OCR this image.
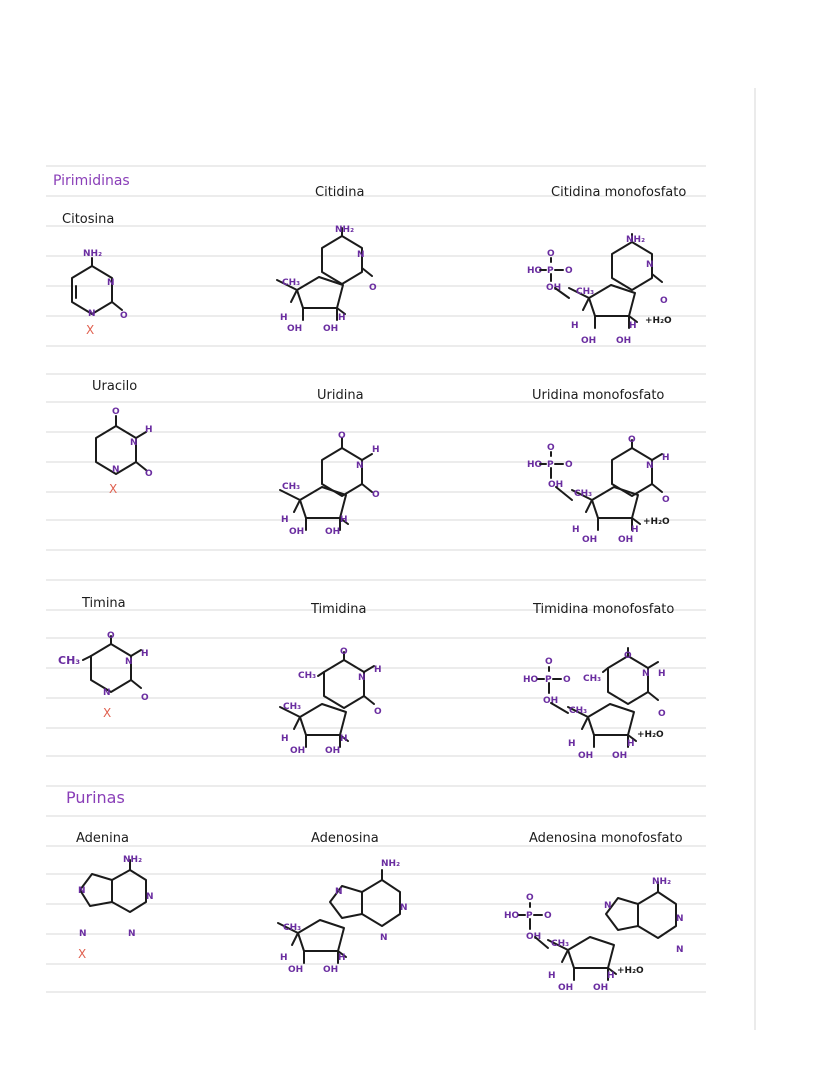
Pirimidinas
Purinas
Citosina
Citidina	Citidina monofosfato
Uracilo
Uridina	Uridina monofosfato
Timina	Timidina	Timidina monofosfato
Adenina	Adenosina	Adenosina monofosfato
NH₂
N
O
N
X
NH₂
N
O
CH₃
OH OH
H	H
HO P O
O
OH
NH₂
N
O
CH₃
OH OH
H	H +H₂O
O
N
H
O
N
X
O
N
H
O
CH₃
OH OH
H	H
HO P O
O
OH
O
N
H
O
CH₃
OH OH
H	H
+H₂O
O
N
H
O
N
CH₃
X
O
N
H
O
CH₃
CH₃
OH OH
H	H
HO P O
O
OH
CH₃
O
N H
O
CH₃
OH OH
H	H
+H₂O
NH₂
N
N
N
N
X
NH₂
N
N
N
CH₃
OH OH
H	H
HO P O
O
OH
NH₂
N
N
N
CH₃
OH OH
H	H +H₂O
